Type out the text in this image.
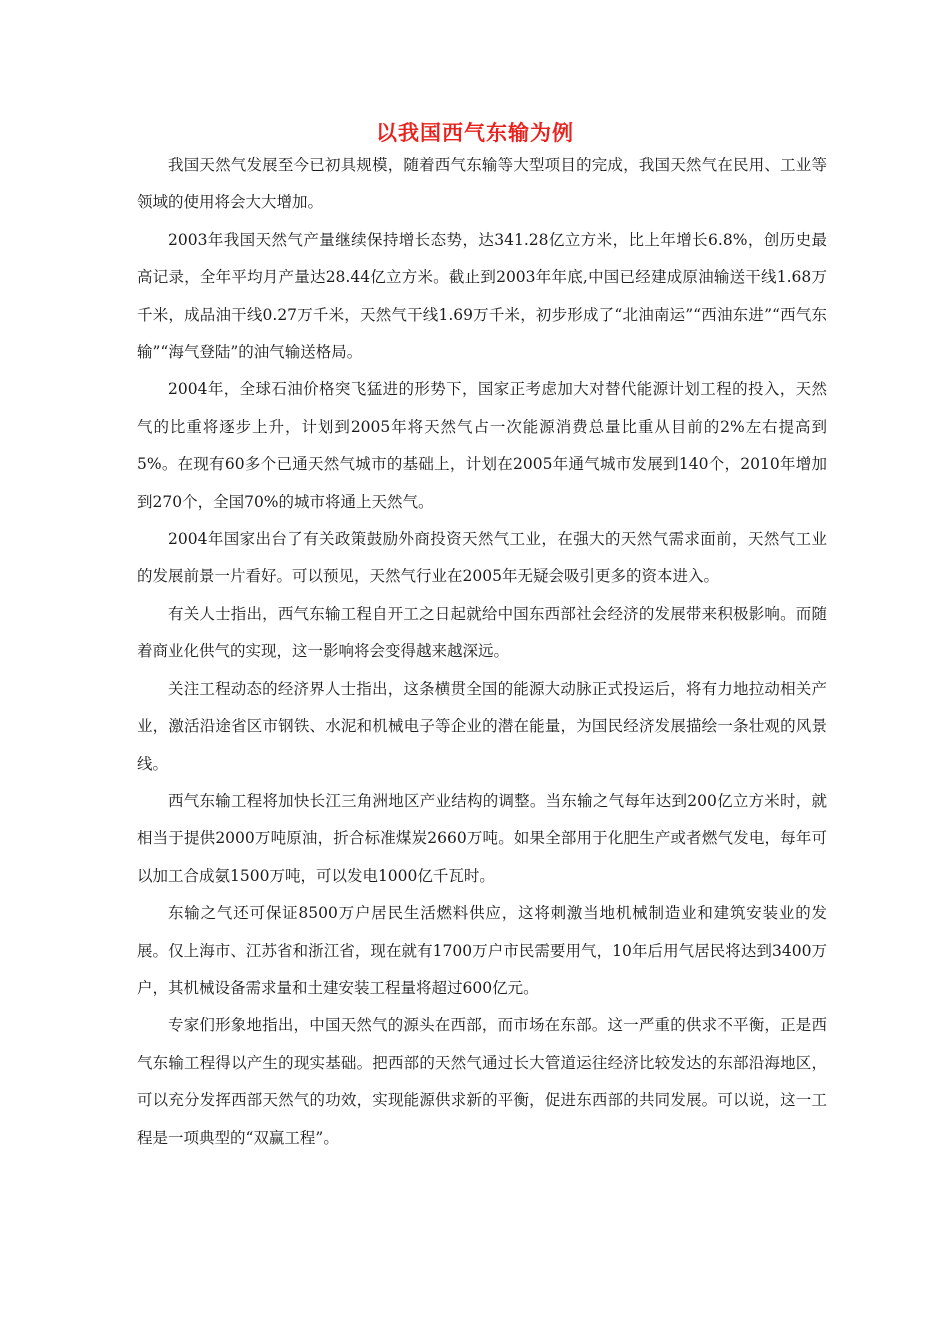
以我国西气东输为例

我国天然气发展至今已初具规模，随着西气东输等大型项目的完成，我国天然气在民用、工业等领域的使用将会大大增加。

2003年我国天然气产量继续保持增长态势，达341.28亿立方米，比上年增长6.8%，创历史最高记录，全年平均月产量达28.44亿立方米。截止到2003年年底,中国已经建成原油输送干线1.68万千米，成品油干线0.27万千米，天然气干线1.69万千米，初步形成了“北油南运”“西油东进”“西气东输”“海气登陆”的油气输送格局。

2004年，全球石油价格突飞猛进的形势下，国家正考虑加大对替代能源计划工程的投入，天然气的比重将逐步上升，计划到2005年将天然气占一次能源消费总量比重从目前的2%左右提高到5%。在现有60多个已通天然气城市的基础上，计划在2005年通气城市发展到140个，2010年增加到270个，全国70%的城市将通上天然气。

2004年国家出台了有关政策鼓励外商投资天然气工业，在强大的天然气需求面前，天然气工业的发展前景一片看好。可以预见，天然气行业在2005年无疑会吸引更多的资本进入。

有关人士指出，西气东输工程自开工之日起就给中国东西部社会经济的发展带来积极影响。而随着商业化供气的实现，这一影响将会变得越来越深远。

关注工程动态的经济界人士指出，这条横贯全国的能源大动脉正式投运后，将有力地拉动相关产业，激活沿途省区市钢铁、水泥和机械电子等企业的潜在能量，为国民经济发展描绘一条壮观的风景线。

西气东输工程将加快长江三角洲地区产业结构的调整。当东输之气每年达到200亿立方米时，就相当于提供2000万吨原油，折合标准煤炭2660万吨。如果全部用于化肥生产或者燃气发电，每年可以加工合成氨1500万吨，可以发电1000亿千瓦时。

东输之气还可保证8500万户居民生活燃料供应，这将刺激当地机械制造业和建筑安装业的发展。仅上海市、江苏省和浙江省，现在就有1700万户市民需要用气，10年后用气居民将达到3400万户，其机械设备需求量和土建安装工程量将超过600亿元。

专家们形象地指出，中国天然气的源头在西部，而市场在东部。这一严重的供求不平衡，正是西气东输工程得以产生的现实基础。把西部的天然气通过长大管道运往经济比较发达的东部沿海地区，可以充分发挥西部天然气的功效，实现能源供求新的平衡，促进东西部的共同发展。可以说，这一工程是一项典型的“双赢工程”。
